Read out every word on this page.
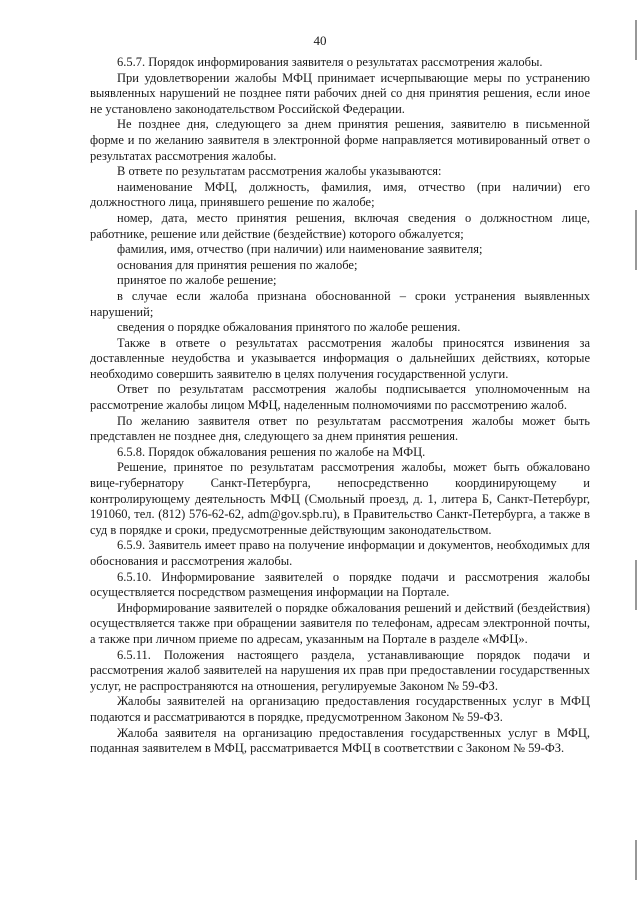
40

6.5.7. Порядок информирования заявителя о результатах рассмотрения жалобы.

При удовлетворении жалобы МФЦ принимает исчерпывающие меры по устранению выявленных нарушений не позднее пяти рабочих дней со дня принятия решения, если иное не установлено законодательством Российской Федерации.

Не позднее дня, следующего за днем принятия решения, заявителю в письменной форме и по желанию заявителя в электронной форме направляется мотивированный ответ о результатах рассмотрения жалобы.

В ответе по результатам рассмотрения жалобы указываются:

наименование МФЦ, должность, фамилия, имя, отчество (при наличии) его должностного лица, принявшего решение по жалобе;

номер, дата, место принятия решения, включая сведения о должностном лице, работнике, решение или действие (бездействие) которого обжалуется;

фамилия, имя, отчество (при наличии) или наименование заявителя;

основания для принятия решения по жалобе;

принятое по жалобе решение;

в случае если жалоба признана обоснованной – сроки устранения выявленных нарушений;

сведения о порядке обжалования принятого по жалобе решения.

Также в ответе о результатах рассмотрения жалобы приносятся извинения за доставленные неудобства и указывается информация о дальнейших действиях, которые необходимо совершить заявителю в целях получения государственной услуги.

Ответ по результатам рассмотрения жалобы подписывается уполномоченным на рассмотрение жалобы лицом МФЦ, наделенным полномочиями по рассмотрению жалоб.

По желанию заявителя ответ по результатам рассмотрения жалобы может быть представлен не позднее дня, следующего за днем принятия решения.

6.5.8. Порядок обжалования решения по жалобе на МФЦ.

Решение, принятое по результатам рассмотрения жалобы, может быть обжаловано вице-губернатору Санкт-Петербурга, непосредственно координирующему и контролирующему деятельность МФЦ (Смольный проезд, д. 1, литера Б, Санкт-Петербург, 191060, тел. (812) 576-62-62, adm@gov.spb.ru), в Правительство Санкт-Петербурга, а также в суд в порядке и сроки, предусмотренные действующим законодательством.

6.5.9. Заявитель имеет право на получение информации и документов, необходимых для обоснования и рассмотрения жалобы.

6.5.10. Информирование заявителей о порядке подачи и рассмотрения жалобы осуществляется посредством размещения информации на Портале.

Информирование заявителей о порядке обжалования решений и действий (бездействия) осуществляется также при обращении заявителя по телефонам, адресам электронной почты, а также при личном приеме по адресам, указанным на Портале в разделе «МФЦ».

6.5.11. Положения настоящего раздела, устанавливающие порядок подачи и рассмотрения жалоб заявителей на нарушения их прав при предоставлении государственных услуг, не распространяются на отношения, регулируемые Законом № 59-ФЗ.

Жалобы заявителей на организацию предоставления государственных услуг в МФЦ подаются и рассматриваются в порядке, предусмотренном Законом № 59-ФЗ.

Жалоба заявителя на организацию предоставления государственных услуг в МФЦ, поданная заявителем в МФЦ, рассматривается МФЦ в соответствии с Законом № 59-ФЗ.
